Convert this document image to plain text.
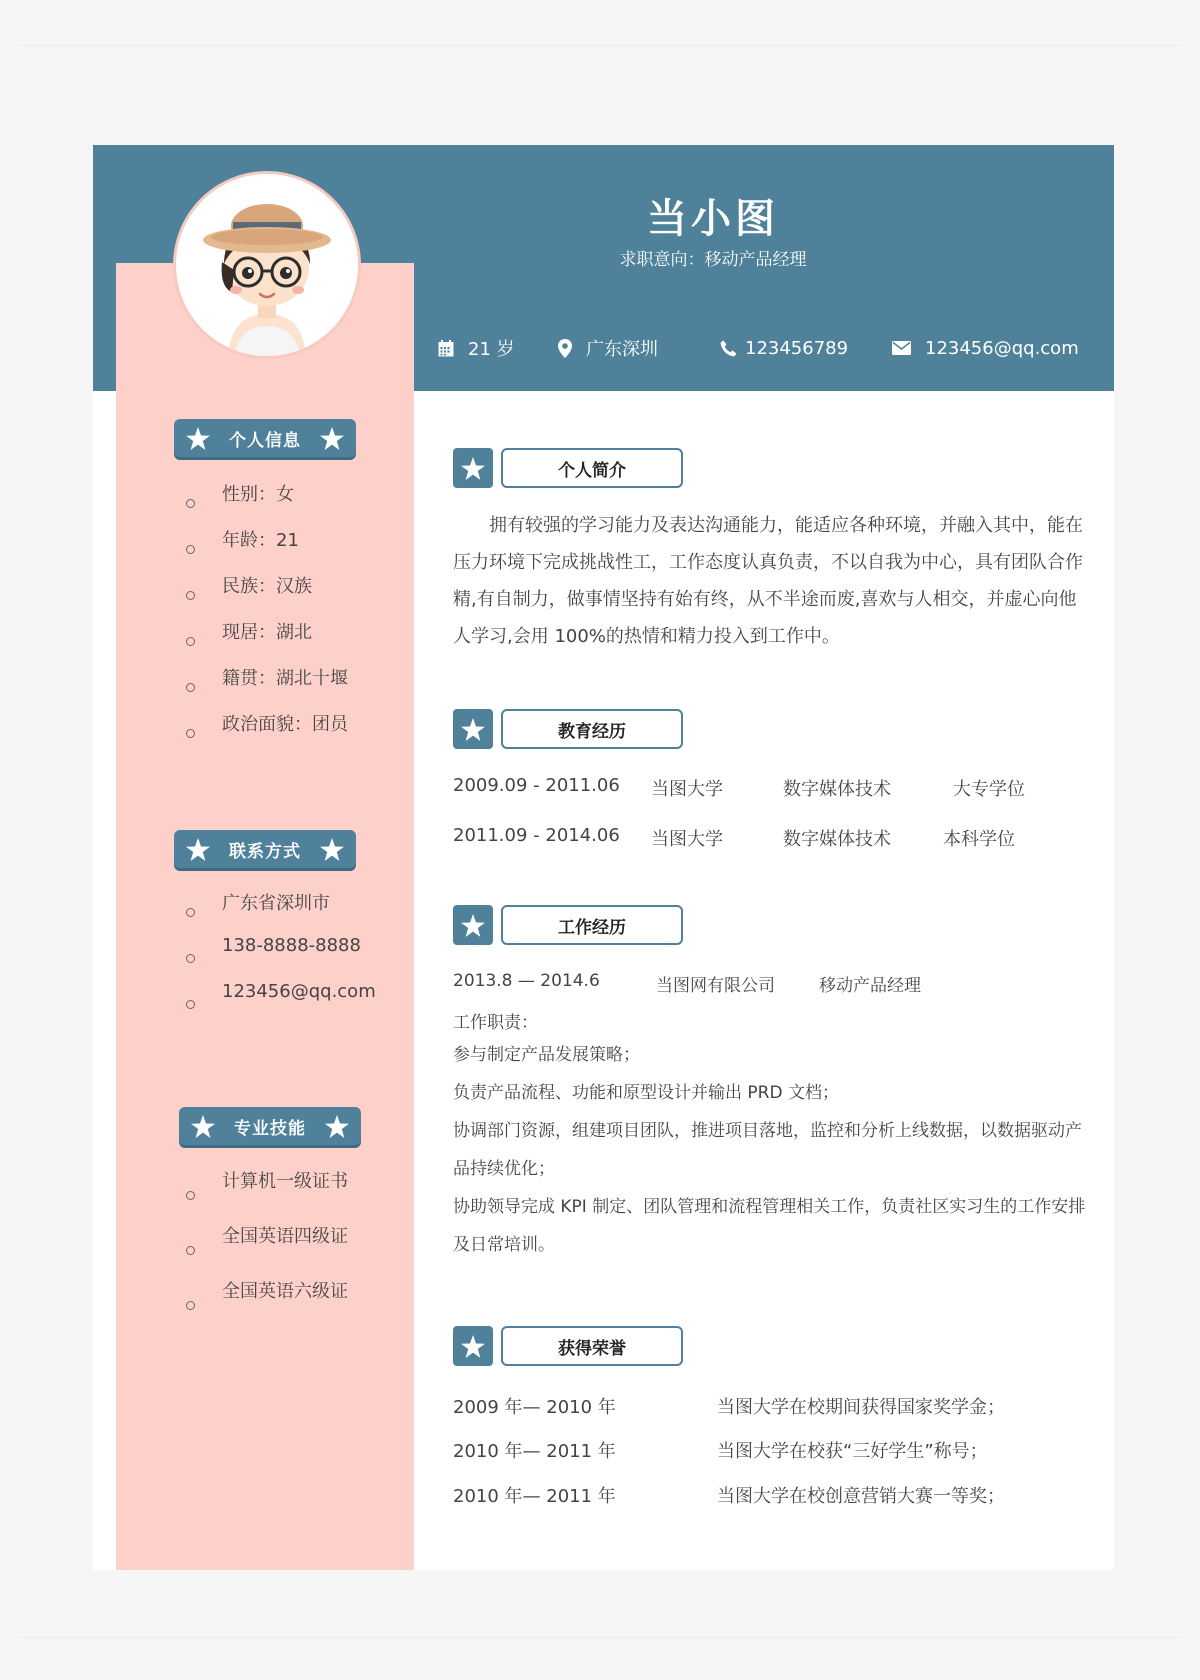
当小图
求职意向：移动产品经理
21 岁	广东深圳	123456789	123456@qq.com
个人信息
性别：女
年龄：21
民族：汉族
现居：湖北
籍贯：湖北十堰
政治面貌：团员
联系方式
广东省深圳市
138-8888-8888
123456@qq.com
专业技能
计算机一级证书
全国英语四级证
全国英语六级证
个人简介

拥有较强的学习能力及表达沟通能力，能适应各种环境，并融入其中，能在压力环境下完成挑战性工，工作态度认真负责，不以自我为中心，具有团队合作精,有自制力，做事情坚持有始有终，从不半途而废,喜欢与人相交，并虚心向他人学习,会用 100%的热情和精力投入到工作中。

教育经历
2009.09 - 2011.06 当图大学	数字媒体技术	大专学位
2011.09 - 2014.06 当图大学	数字媒体技术	本科学位
工作经历
2013.8 — 2014.6	当图网有限公司	移动产品经理
工作职责：
参与制定产品发展策略；
负责产品流程、功能和原型设计并输出 PRD 文档；
协调部门资源，组建项目团队，推进项目落地，监控和分析上线数据，以数据驱动产品持续优化；
协助领导完成 KPI 制定、团队管理和流程管理相关工作，负责社区实习生的工作安排及日常培训。
获得荣誉
2009 年— 2010 年	当图大学在校期间获得国家奖学金；
2010 年— 2011 年	当图大学在校获“三好学生”称号；
2010 年— 2011 年	当图大学在校创意营销大赛一等奖；
